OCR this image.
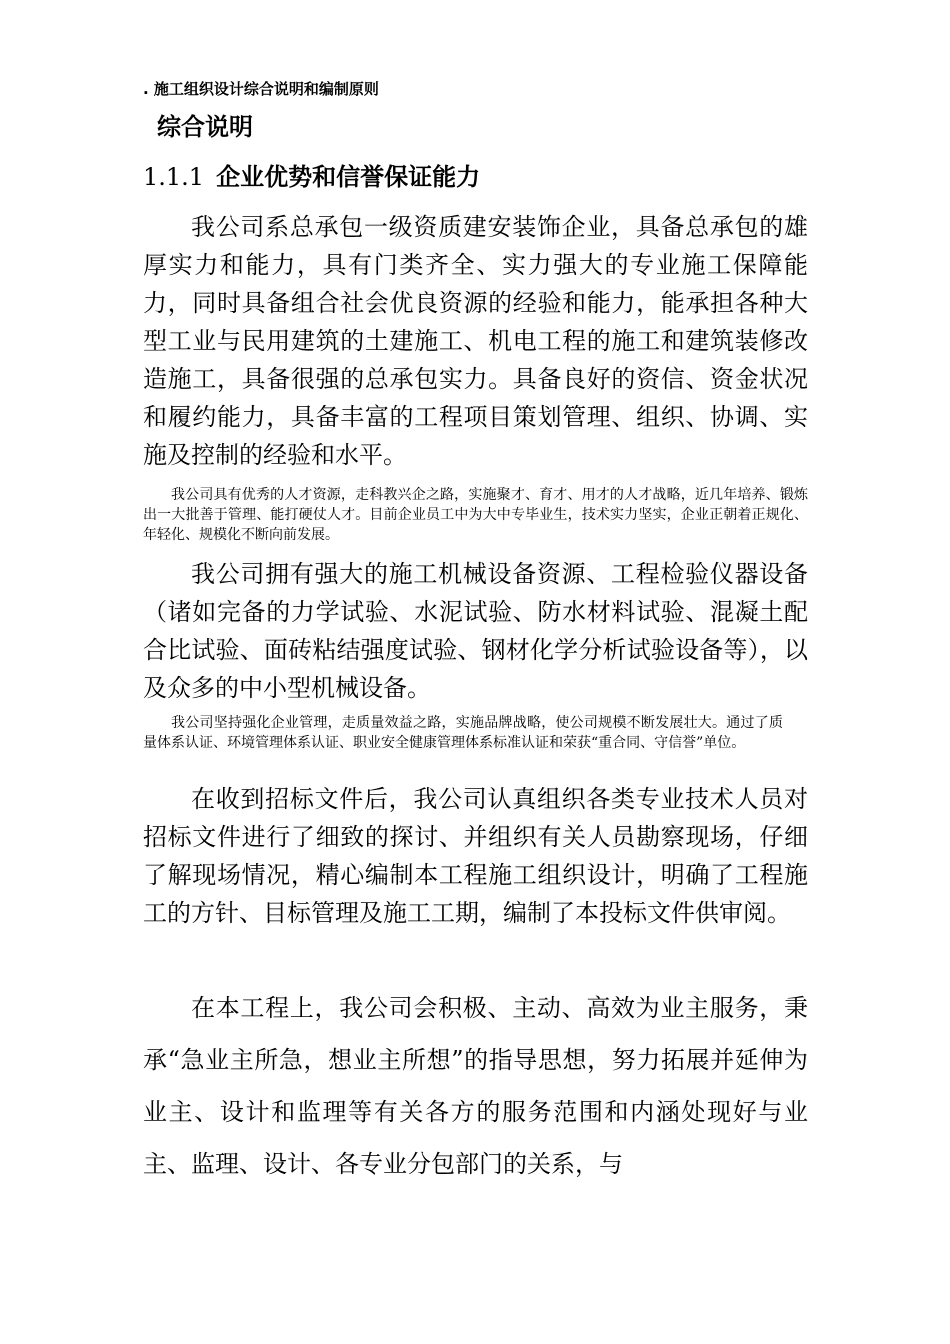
. 施工组织设计综合说明和编制原则
综合说明
1.1.1 企业优势和信誉保证能力

我公司系总承包一级资质建安装饰企业，具备总承包的雄厚实力和能力，具有门类齐全、实力强大的专业施工保障能力，同时具备组合社会优良资源的经验和能力，能承担各种大型工业与民用建筑的土建施工、机电工程的施工和建筑装修改造施工，具备很强的总承包实力。具备良好的资信、资金状况和履约能力，具备丰富的工程项目策划管理、组织、协调、实施及控制的经验和水平。

我公司具有优秀的人才资源，走科教兴企之路，实施聚才、育才、用才的人才战略，近几年培养、锻炼出一大批善于管理、能打硬仗人才。目前企业员工中为大中专毕业生，技术实力坚实，企业正朝着正规化、年轻化、规模化不断向前发展。

我公司拥有强大的施工机械设备资源、工程检验仪器设备（诸如完备的力学试验、水泥试验、防水材料试验、混凝土配合比试验、面砖粘结强度试验、钢材化学分析试验设备等），以及众多的中小型机械设备。

我公司坚持强化企业管理，走质量效益之路，实施品牌战略，使公司规模不断发展壮大。通过了质量体系认证、环境管理体系认证、职业安全健康管理体系标准认证和荣获“重合同、守信誉”单位。

在收到招标文件后，我公司认真组织各类专业技术人员对招标文件进行了细致的探讨、并组织有关人员勘察现场，仔细了解现场情况，精心编制本工程施工组织设计，明确了工程施工的方针、目标管理及施工工期，编制了本投标文件供审阅。

在本工程上，我公司会积极、主动、高效为业主服务，秉承“急业主所急，想业主所想”的指导思想，努力拓展并延伸为业主、设计和监理等有关各方的服务范围和内涵处现好与业主、监理、设计、各专业分包部门的关系，与
